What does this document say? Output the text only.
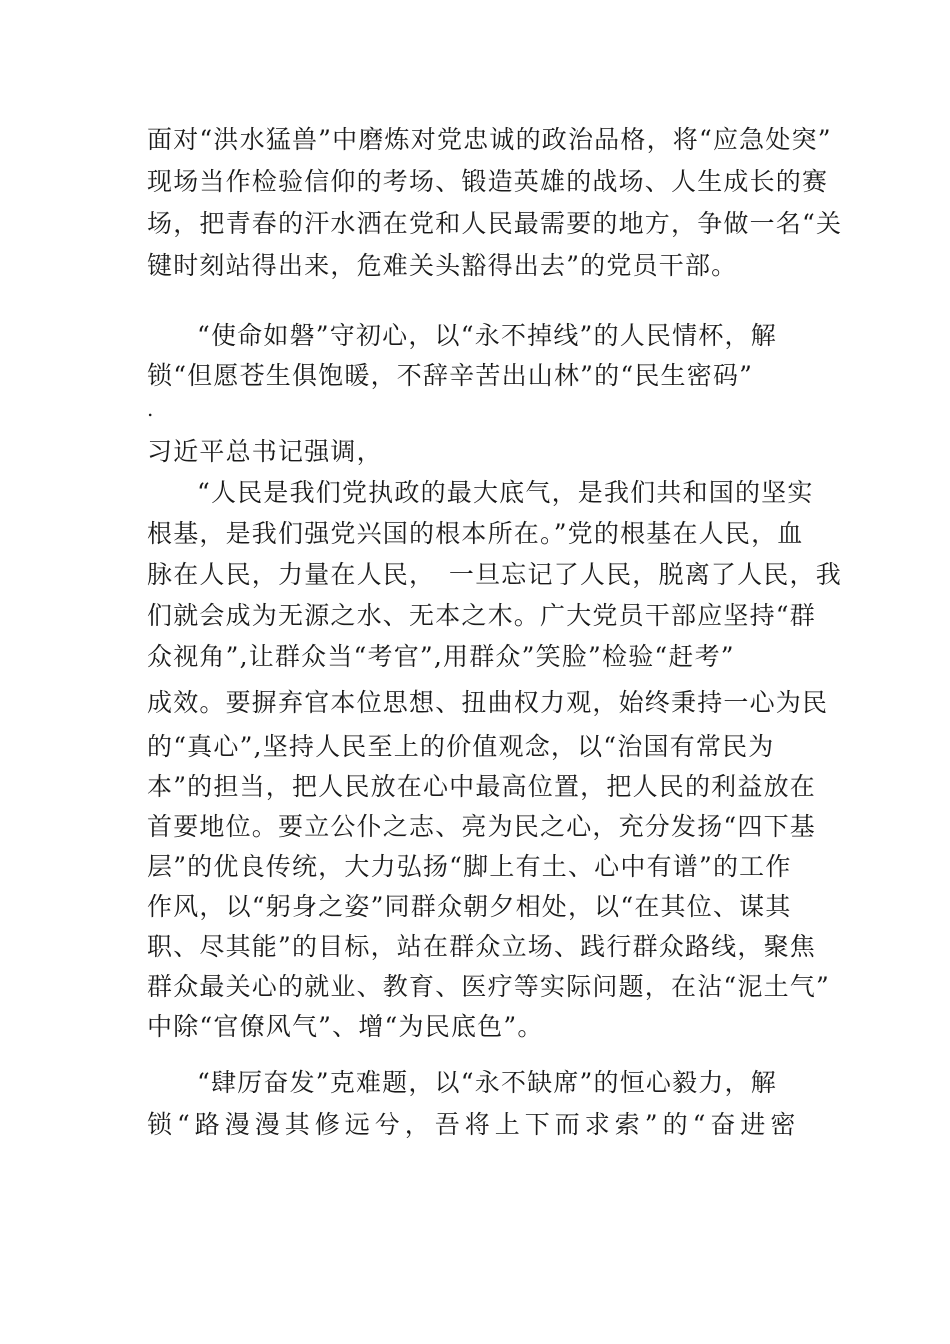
面对“洪水猛兽”中磨炼对党忠诚的政治品格，将“应急处突”
现场当作检验信仰的考场、锻造英雄的战场、人生成长的赛
场，把青春的汗水洒在党和人民最需要的地方，争做一名“关
键时刻站得出来，危难关头豁得出去”的党员干部。
“使命如磐”守初心，以“永不掉线”的人民情杯，解
锁“但愿苍生俱饱暖，不辞辛苦出山林”的“民生密码”
.
习近平总书记强调，
“人民是我们党执政的最大底气，是我们共和国的坚实
根基，是我们强党兴国的根本所在。”党的根基在人民，血
脉在人民，力量在人民，　一旦忘记了人民，脱离了人民，我
们就会成为无源之水、无本之木。广大党员干部应坚持“群
众视角”,让群众当“考官”,用群众”笑脸”检验“赶考”
成效。要摒弃官本位思想、扭曲权力观，始终秉持一心为民
的“真心”,坚持人民至上的价值观念，以“治国有常民为
本”的担当，把人民放在心中最高位置，把人民的利益放在
首要地位。要立公仆之志、亮为民之心，充分发扬“四下基
层”的优良传统，大力弘扬“脚上有土、心中有谱”的工作
作风，以“躬身之姿”同群众朝夕相处，以“在其位、谋其
职、尽其能”的目标，站在群众立场、践行群众路线，聚焦
群众最关心的就业、教育、医疗等实际问题，在沾“泥土气”
中除“官僚风气”、增“为民底色”。
“肆厉奋发”克难题，以“永不缺席”的恒心毅力，解
锁“路漫漫其修远兮，吾将上下而求索”的“奋进密
